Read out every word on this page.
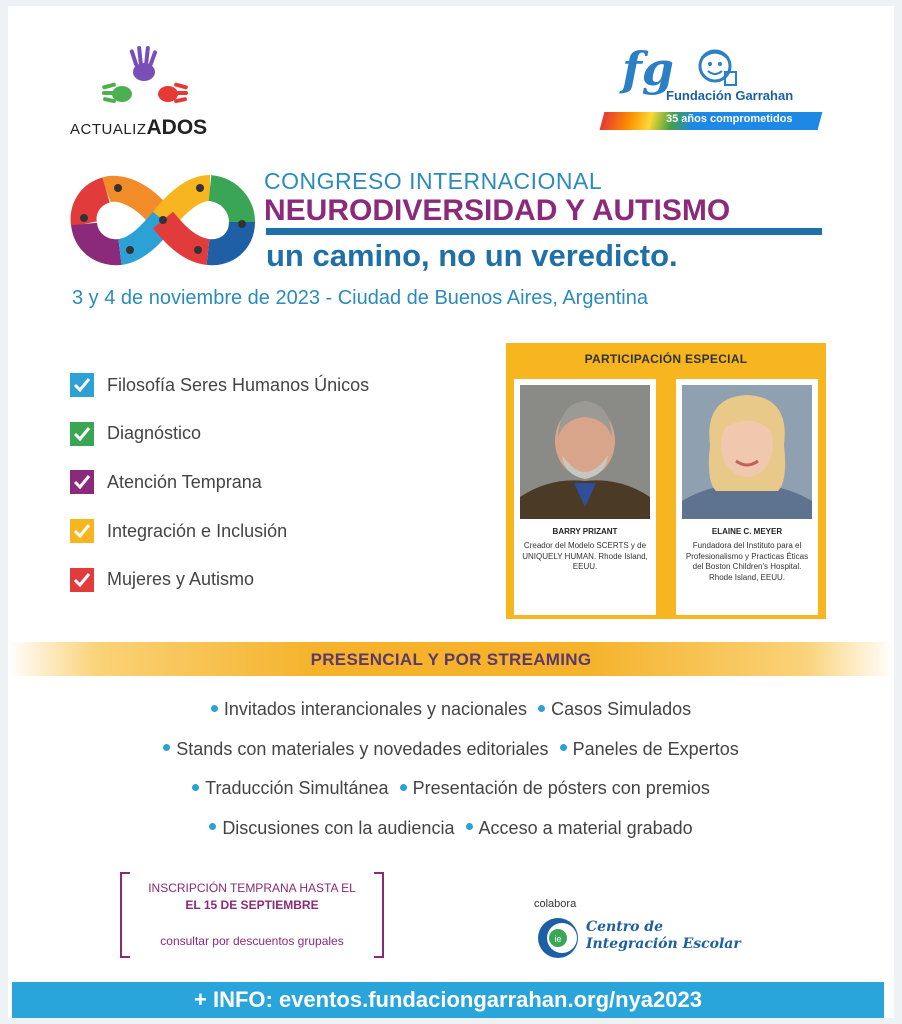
ACTUALIZADOS
fg
Fundación Garrahan
35 años comprometidos
CONGRESO INTERNACIONAL
NEURODIVERSIDAD Y AUTISMO
un camino, no un veredicto.
3 y 4 de noviembre de 2023 - Ciudad de Buenos Aires, Argentina
Filosofía Seres Humanos Únicos
Diagnóstico
Atención Temprana
Integración e Inclusión
Mujeres y Autismo
PARTICIPACIÓN ESPECIAL
BARRY PRIZANT
Creador del Modelo SCERTS y de UNIQUELY HUMAN. Rhode Island, EEUU.
ELAINE C. MEYER
Fundadora del Instituto para el Profesionalismo y Practicas Éticas del Boston Children's Hospital. Rhode Island, EEUU.
PRESENCIAL Y POR STREAMING
Invitados interancionales y nacionales Casos Simulados
Stands con materiales y novedades editoriales Paneles de Expertos
Traducción Simultánea Presentación de pósters con premios
Discusiones con la audiencia Acceso a material grabado
INSCRIPCIÓN TEMPRANA HASTA EL
EL 15 DE SEPTIEMBRE
consultar por descuentos grupales
colabora
ie
Centro de
Integración Escolar
+ INFO: eventos.fundaciongarrahan.org/nya2023
